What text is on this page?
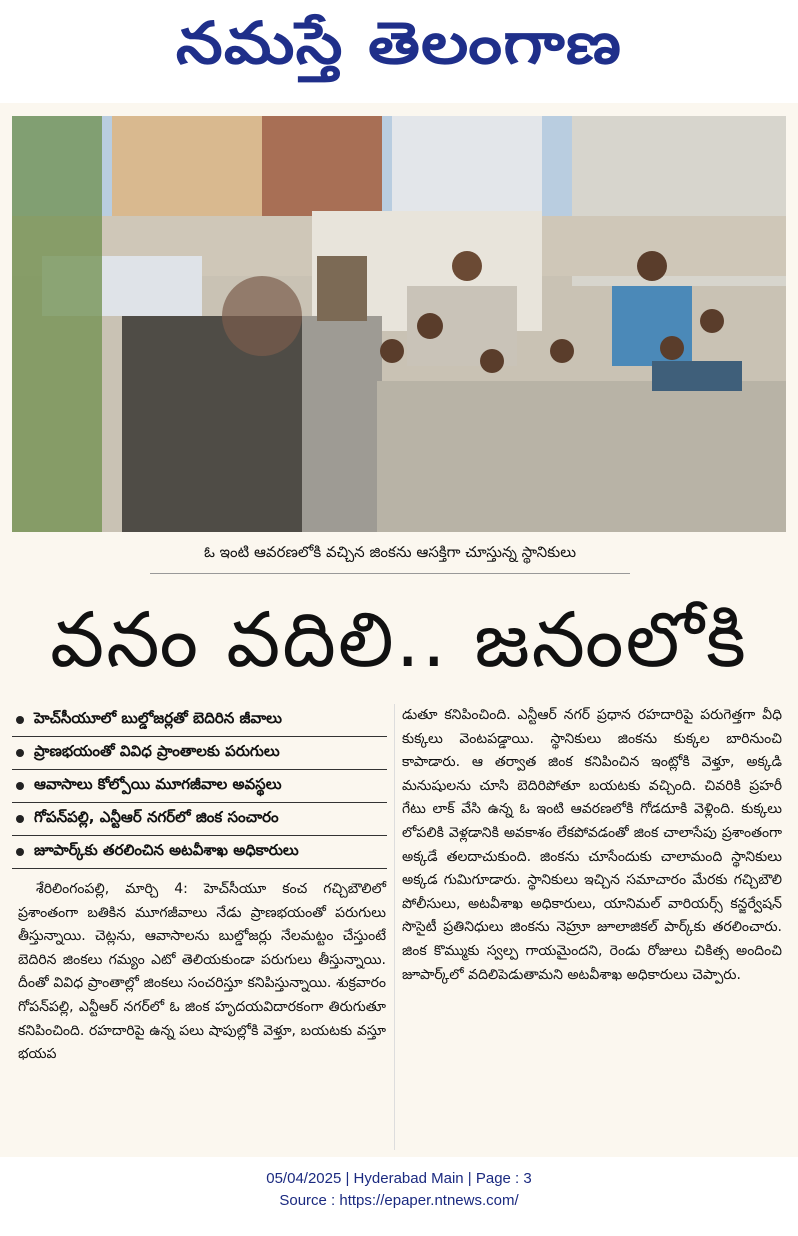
నమస్తే తెలంగాణ
ఓ ఇంటి ఆవరణలోకి వచ్చిన జింకను ఆసక్తిగా చూస్తున్న స్థానికులు
వనం వదిలి.. జనంలోకి
హెచ్‌సీయూలో బుల్డోజర్లతో బెదిరిన జీవాలు
ప్రాణభయంతో వివిధ ప్రాంతాలకు పరుగులు
ఆవాసాలు కోల్పోయి మూగజీవాల అవస్థలు
గోపన్‌పల్లి, ఎన్టీఆర్ నగర్‌లో జింక సంచారం
జూపార్క్‌కు తరలించిన అటవీశాఖ అధికారులు
శేరిలింగంపల్లి, మార్చి 4: హెచ్‌సీయూ కంచ గచ్చిబౌలిలో ప్రశాంతంగా బతికిన మూగజీవాలు నేడు ప్రాణభయంతో పరుగులు తీస్తున్నాయి. చెట్లను, ఆవాసాలను బుల్డోజర్లు నేలమట్టం చేస్తుంటే బెదిరిన జింకలు గమ్యం ఎటో తెలియకుండా పరుగులు తీస్తున్నాయి. దీంతో వివిధ ప్రాంతాల్లో జింకలు సంచరిస్తూ కనిపిస్తున్నాయి. శుక్రవారం గోపన్‌పల్లి, ఎన్టీఆర్ నగర్‌లో ఓ జింక హృదయవిదారకంగా తిరుగుతూ కనిపించింది. రహదారిపై ఉన్న పలు షాపుల్లోకి వెళ్తూ, బయటకు వస్తూ భయప
డుతూ కనిపించింది. ఎన్టీఆర్ నగర్ ప్రధాన రహదారిపై పరుగెత్తగా వీధి కుక్కలు వెంటపడ్డాయి. స్థానికులు జింకను కుక్కల బారినుంచి కాపాడారు. ఆ తర్వాత జింక కనిపించిన ఇంట్లోకి వెళ్తూ, అక్కడి మనుషులను చూసి బెదిరిపోతూ బయటకు వచ్చింది. చివరికి ప్రహరీ గేటు లాక్ వేసి ఉన్న ఓ ఇంటి ఆవరణలోకి గోడదూకి వెళ్లింది. కుక్కలు లోపలికి వెళ్లడానికి అవకాశం లేకపోవడంతో జింక చాలాసేపు ప్రశాంతంగా అక్కడే తలదాచుకుంది. జింకను చూసేందుకు చాలామంది స్థానికులు అక్కడ గుమిగూడారు. స్థానికులు ఇచ్చిన సమాచారం మేరకు గచ్చిబౌలి పోలీసులు, అటవీశాఖ అధికారులు, యానిమల్ వారియర్స్ కన్జర్వేషన్ సొసైటీ ప్రతినిధులు జింకను నెహ్రూ జూలాజికల్ పార్క్‌కు తరలించారు. జింక కొమ్ముకు స్వల్ప గాయమైందని, రెండు రోజులు చికిత్స అందించి జూపార్క్‌లో వదిలిపెడుతామని అటవీశాఖ అధికారులు చెప్పారు.
05/04/2025 | Hyderabad Main | Page : 3
Source : https://epaper.ntnews.com/
